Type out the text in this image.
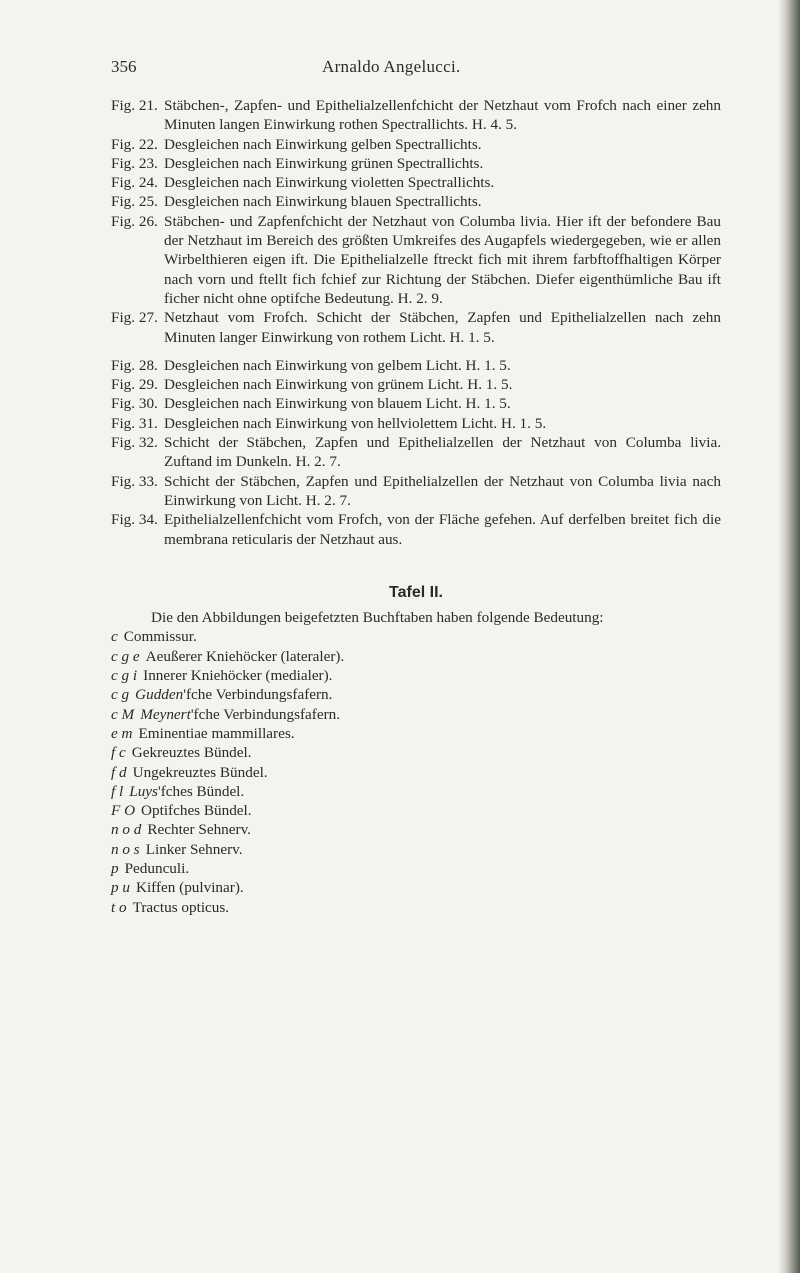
356	Arnaldo Angelucci.
Fig. 21. Stäbchen-, Zapfen- und Epithelialzellenfchicht der Netzhaut vom Frofch nach einer zehn Minuten langen Einwirkung rothen Spectrallichts. H. 4. 5.
Fig. 22. Desgleichen nach Einwirkung gelben Spectrallichts.
Fig. 23. Desgleichen nach Einwirkung grünen Spectrallichts.
Fig. 24. Desgleichen nach Einwirkung violetten Spectrallichts.
Fig. 25. Desgleichen nach Einwirkung blauen Spectrallichts.
Fig. 26. Stäbchen- und Zapfenfchicht der Netzhaut von Columba livia. Hier ift der befondere Bau der Netzhaut im Bereich des größten Umkreifes des Augapfels wiedergegeben, wie er allen Wirbelthieren eigen ift. Die Epithelialzelle ftreckt fich mit ihrem farbftoffhaltigen Körper nach vorn und ftellt fich fchief zur Richtung der Stäbchen. Diefer eigenthümliche Bau ift ficher nicht ohne optifche Bedeutung. H. 2. 9.
Fig. 27. Netzhaut vom Frofch. Schicht der Stäbchen, Zapfen und Epithelialzellen nach zehn Minuten langer Einwirkung von rothem Licht. H. 1. 5.
Fig. 28. Desgleichen nach Einwirkung von gelbem Licht. H. 1. 5.
Fig. 29. Desgleichen nach Einwirkung von grünem Licht. H. 1. 5.
Fig. 30. Desgleichen nach Einwirkung von blauem Licht. H. 1. 5.
Fig. 31. Desgleichen nach Einwirkung von hellviolettem Licht. H. 1. 5.
Fig. 32. Schicht der Stäbchen, Zapfen und Epithelialzellen der Netzhaut von Columba livia. Zuftand im Dunkeln. H. 2. 7.
Fig. 33. Schicht der Stäbchen, Zapfen und Epithelialzellen der Netzhaut von Columba livia nach Einwirkung von Licht. H. 2. 7.
Fig. 34. Epithelialzellenfchicht vom Frofch, von der Fläche gefehen. Auf derfelben breitet fich die membrana reticularis der Netzhaut aus.
Tafel II.

Die den Abbildungen beigefetzten Buchftaben haben folgende Bedeutung:

c Commissur.
c g e Aeußerer Kniehöcker (lateraler).
c g i Innerer Kniehöcker (medialer).
c g Gudden'fche Verbindungsfafern.
c M Meynert'fche Verbindungsfafern.
e m Eminentiae mammillares.
f c Gekreuztes Bündel.
f d Ungekreuztes Bündel.
f l Luys'fches Bündel.
F O Optifches Bündel.
n o d Rechter Sehnerv.
n o s Linker Sehnerv.
p Pedunculi.
p u Kiffen (pulvinar).
t o Tractus opticus.
